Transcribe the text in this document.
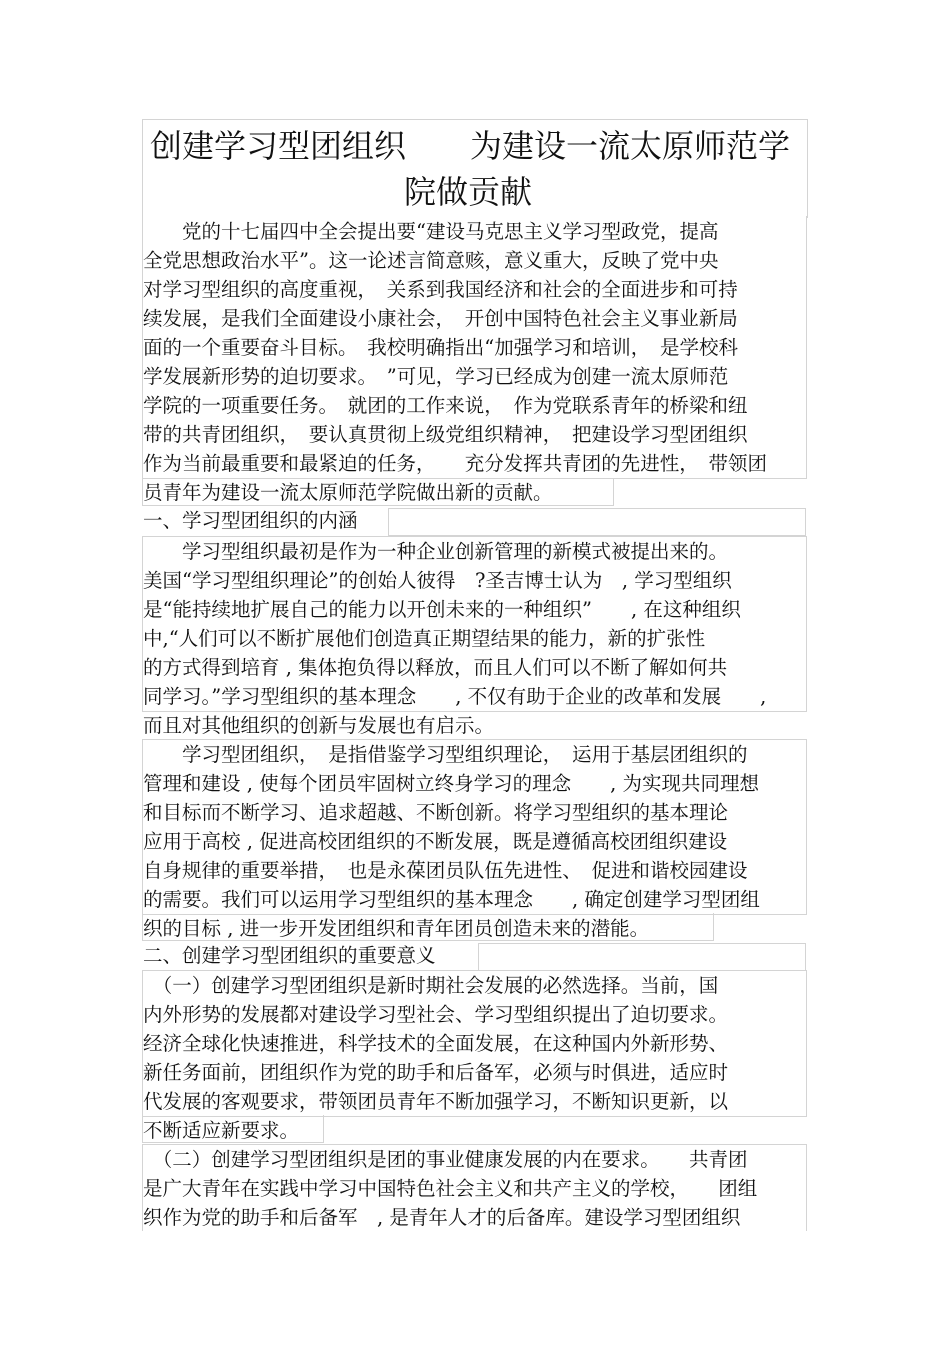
创建学习型团组织　　为建设一流太原师范学
院做贡献
　　党的十七届四中全会提出要“建设马克思主义学习型政党，提高
全党思想政治水平”。这一论述言简意赅，意义重大，反映了党中央
对学习型组织的高度重视，　关系到我国经济和社会的全面进步和可持
续发展，是我们全面建设小康社会，　开创中国特色社会主义事业新局
面的一个重要奋斗目标。　我校明确指出“加强学习和培训，　是学校科
学发展新形势的迫切要求。　”可见，学习已经成为创建一流太原师范
学院的一项重要任务。　就团的工作来说，　作为党联系青年的桥梁和纽
带的共青团组织，　要认真贯彻上级党组织精神，　把建设学习型团组织
作为当前最重要和最紧迫的任务，　　充分发挥共青团的先进性，　带领团
员青年为建设一流太原师范学院做出新的贡献。
一、学习型团组织的内涵
　　学习型组织最初是作为一种企业创新管理的新模式被提出来的。
美国“学习型组织理论”的创始人彼得　?圣吉博士认为　, 学习型组织
是“能持续地扩展自己的能力以开创未来的一种组织”　　, 在这种组织
中,“人们可以不断扩展他们创造真正期望结果的能力，新的扩张性
的方式得到培育 , 集体抱负得以释放，而且人们可以不断了解如何共
同学习。”学习型组织的基本理念　　, 不仅有助于企业的改革和发展　　,
而且对其他组织的创新与发展也有启示。
　　学习型团组织，　是指借鉴学习型组织理论，　运用于基层团组织的
管理和建设 , 使每个团员牢固树立终身学习的理念　　, 为实现共同理想
和目标而不断学习、追求超越、不断创新。将学习型组织的基本理论
应用于高校 , 促进高校团组织的不断发展，既是遵循高校团组织建设
自身规律的重要举措，　也是永葆团员队伍先进性、　促进和谐校园建设
的需要。我们可以运用学习型组织的基本理念　　, 确定创建学习型团组
织的目标 , 进一步开发团组织和青年团员创造未来的潜能。
二、创建学习型团组织的重要意义
　（一）创建学习型团组织是新时期社会发展的必然选择。当前，国
内外形势的发展都对建设学习型社会、学习型组织提出了迫切要求。
经济全球化快速推进，科学技术的全面发展，在这种国内外新形势、
新任务面前，团组织作为党的助手和后备军，必须与时俱进，适应时
代发展的客观要求，带领团员青年不断加强学习，不断知识更新，以
不断适应新要求。
　（二）创建学习型团组织是团的事业健康发展的内在要求。　　共青团
是广大青年在实践中学习中国特色社会主义和共产主义的学校，　　团组
织作为党的助手和后备军　, 是青年人才的后备库。建设学习型团组织
